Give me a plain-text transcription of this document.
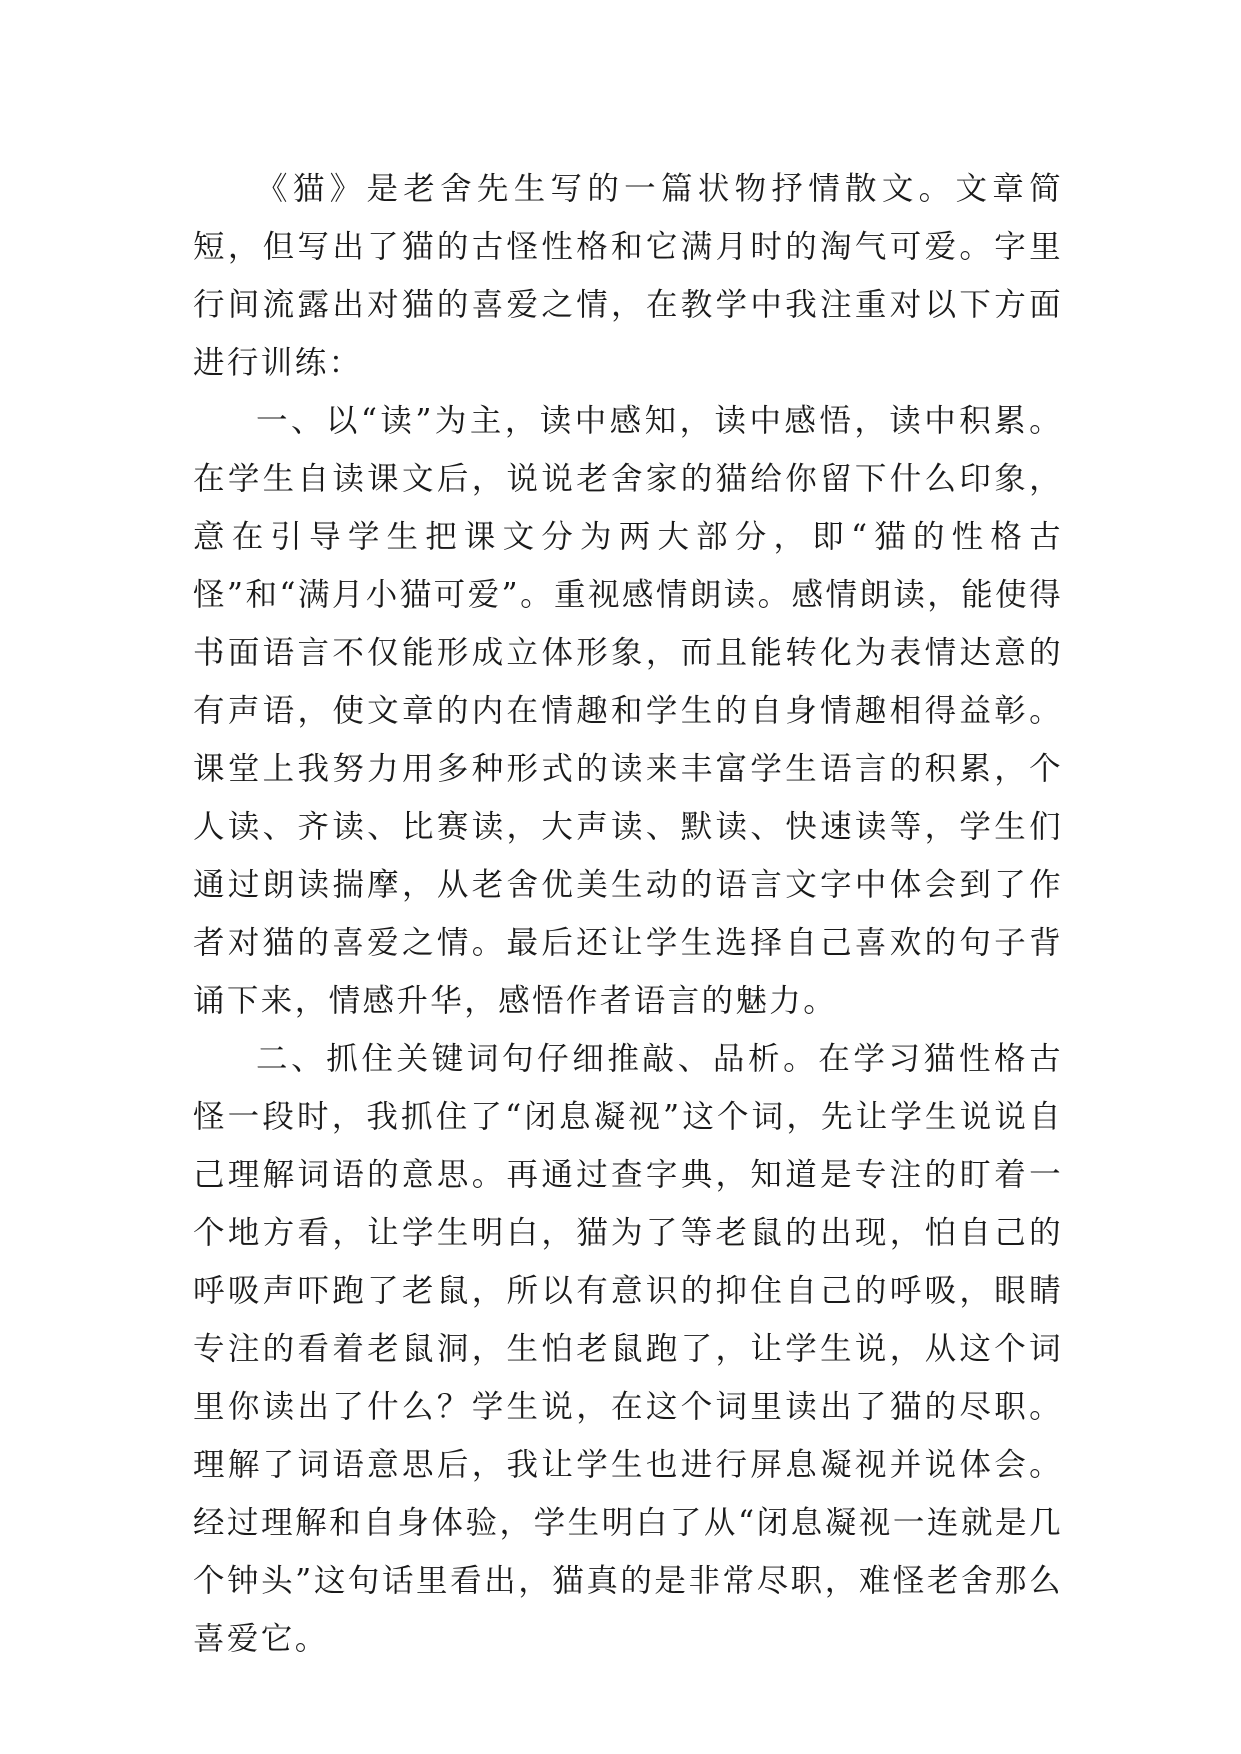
《猫》是老舍先生写的一篇状物抒情散文。文章简短，但写出了猫的古怪性格和它满月时的淘气可爱。字里行间流露出对猫的喜爱之情，在教学中我注重对以下方面进行训练：

一、以“读”为主，读中感知，读中感悟，读中积累。在学生自读课文后，说说老舍家的猫给你留下什么印象，意在引导学生把课文分为两大部分，即“猫的性格古怪”和“满月小猫可爱”。重视感情朗读。感情朗读，能使得书面语言不仅能形成立体形象，而且能转化为表情达意的有声语，使文章的内在情趣和学生的自身情趣相得益彰。课堂上我努力用多种形式的读来丰富学生语言的积累，个人读、齐读、比赛读，大声读、默读、快速读等，学生们通过朗读揣摩，从老舍优美生动的语言文字中体会到了作者对猫的喜爱之情。最后还让学生选择自己喜欢的句子背诵下来，情感升华，感悟作者语言的魅力。

二、抓住关键词句仔细推敲、品析。在学习猫性格古怪一段时，我抓住了“闭息凝视”这个词，先让学生说说自己理解词语的意思。再通过查字典，知道是专注的盯着一个地方看，让学生明白，猫为了等老鼠的出现，怕自己的呼吸声吓跑了老鼠，所以有意识的抑住自己的呼吸，眼睛专注的看着老鼠洞，生怕老鼠跑了，让学生说，从这个词里你读出了什么？学生说，在这个词里读出了猫的尽职。理解了词语意思后，我让学生也进行屏息凝视并说体会。经过理解和自身体验，学生明白了从“闭息凝视一连就是几个钟头”这句话里看出，猫真的是非常尽职，难怪老舍那么喜爱它。
